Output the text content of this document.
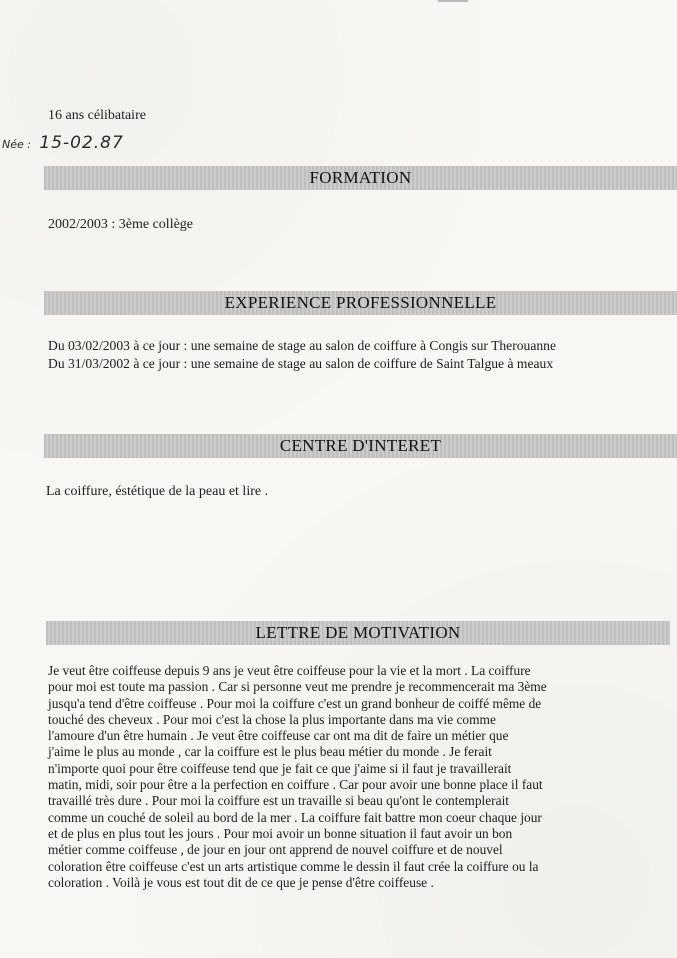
16 ans célibataire
Née : 15-02.87
FORMATION
2002/2003 : 3ème collège
EXPERIENCE PROFESSIONNELLE
Du 03/02/2003 à ce jour : une semaine de stage au salon de coiffure à Congis sur Therouanne
Du 31/03/2002 à ce jour : une semaine de stage au salon de coiffure de Saint Talgue à meaux
CENTRE D'INTERET
La coiffure, éstétique de la peau et lire .
LETTRE DE MOTIVATION
Je veut être coiffeuse depuis 9 ans je veut être coiffeuse pour la vie et la mort . La coiffure
pour moi est toute ma passion . Car si personne veut me prendre je recommencerait ma 3ème
jusqu'a tend d'être coiffeuse . Pour moi la coiffure c'est un grand bonheur de coiffé même de
touché des cheveux . Pour moi c'est la chose la plus importante dans ma vie comme
l'amoure d'un être humain . Je veut être coiffeuse car ont ma dit de faire un métier que
j'aime le plus au monde , car la coiffure est le plus beau métier du monde . Je ferait
n'importe quoi pour être coiffeuse tend que je fait ce que j'aime si il faut je travaillerait
matin, midi, soir pour être a la perfection en coiffure . Car pour avoir une bonne place il faut
travaillé très dure . Pour moi la coiffure est un travaille si beau qu'ont le contemplerait
comme un couché de soleil au bord de la mer . La coiffure fait battre mon coeur chaque jour
et de plus en plus tout les jours . Pour moi avoir un bonne situation il faut avoir un bon
métier comme coiffeuse , de jour en jour ont apprend de nouvel coiffure et de nouvel
coloration être coiffeuse c'est un arts artistique comme le dessin il faut crée la coiffure ou la
coloration . Voilà je vous est tout dit de ce que je pense d'être coiffeuse .
